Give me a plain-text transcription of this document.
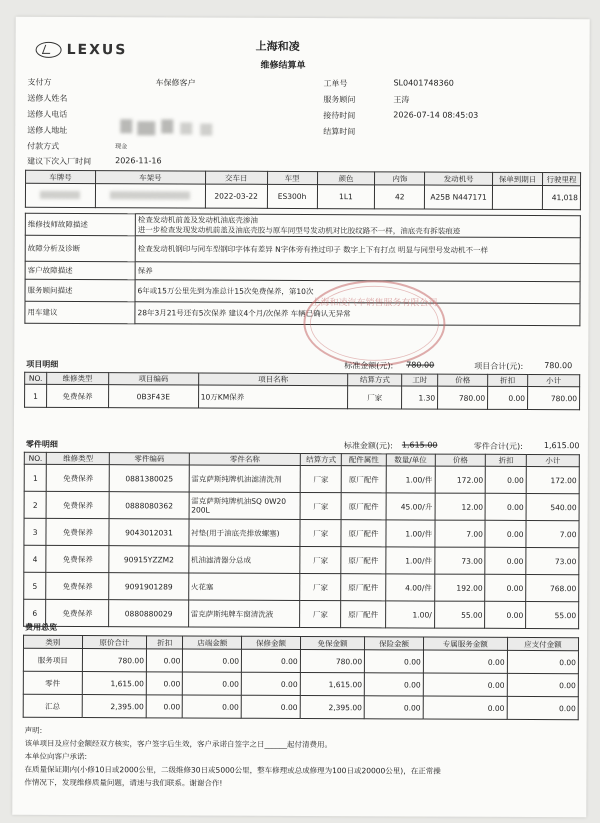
LEXUS	上海和凌
维修结算单
支付方	车保修客户
送修人姓名
送修人电话
送修人地址
付款方式	现金
建议下次入厂时间	2026-11-16
工单号	SL0401748360
服务顾问	王涛
接待时间	2026-07-14 08:45:03
结算时间
车牌号	车架号	交车日	车型	颜色	内饰	发动机号	保单到期日	行驶里程
		2022-03-22	ES300h	1L1	42	A25B N447171		41,018
维修技师故障描述	检查发动机前盖及发动机油底壳渗油
进一步检查发现发动机前盖及油底壳胶与原车同型号发动机对比胶纹路不一样，油底壳有拆装痕迹

故障分析及诊断	检查发动机钢印与同车型钢印字体有差异 N字体旁有挫过印子 数字上下有打点 明显与同型号发动机不一样
客户故障描述	保养
服务顾问描述	6年或15万公里先到为准总计15次免费保养，第10次
用车建议	28年3月21号还有5次保养 建议4个月/次保养 车辆已确认无异常
上海和凌汽车销售服务有限公司
项目明细	标准金额(元): 780.00	项目合计(元):	780.00
NO.	维修类型	项目编码	项目名称	结算方式	工时	价格	折扣	小计
1	免费保养	0B3F43E	10万KM保养	厂家	1.30	780.00	0.00	780.00
零件明细	标准金额(元): 1,615.00	零件合计(元):	1,615.00
NO.	维修类型	零件编码	零件名称	结算方式	配件属性	数量/单位	价格	折扣	小计
1	免费保养	0881380025	雷克萨斯纯牌机油滤清洗剂	厂家	原厂配件	1.00/件	172.00	0.00	172.00
2	免费保养	0888080362	雷克萨斯纯牌机油SQ 0W20 200L	厂家	原厂配件	45.00/升	12.00	0.00	540.00
3	免费保养	9043012031	衬垫(用于油底壳排放螺塞)	厂家	原厂配件	1.00/件	7.00	0.00	7.00
4	免费保养	90915YZZM2	机油滤清器分总成	厂家	原厂配件	1.00/件	73.00	0.00	73.00
5	免费保养	9091901289	火花塞	厂家	原厂配件	4.00/件	192.00	0.00	768.00
6	免费保养	0880880029	雷克萨斯纯牌车窗清洗液	厂家	原厂配件	1.00/	55.00	0.00	55.00
费用总览
类别	原价合计	折扣	店端金额	保修金额	免保金额	保险金额	专属服务金额	应支付金额
服务项目	780.00	0.00	0.00	0.00	780.00	0.00	0.00	0.00
零件	1,615.00	0.00	0.00	0.00	1,615.00	0.00	0.00	0.00
汇总	2,395.00	0.00	0.00	0.00	2,395.00	0.00	0.00	0.00
声明:
该单项目及应付金额经双方核实，客户签字后生效，客户承诺自签字之日______起付清费用。
本单位向客户承诺:
在质量保证期内(小修10日或2000公里，二级维修30日或5000公里，整车修理或总成修理为100日或20000公里)，在正常操
作情况下，发现维修质量问题，请速与我们联系。谢谢合作!
